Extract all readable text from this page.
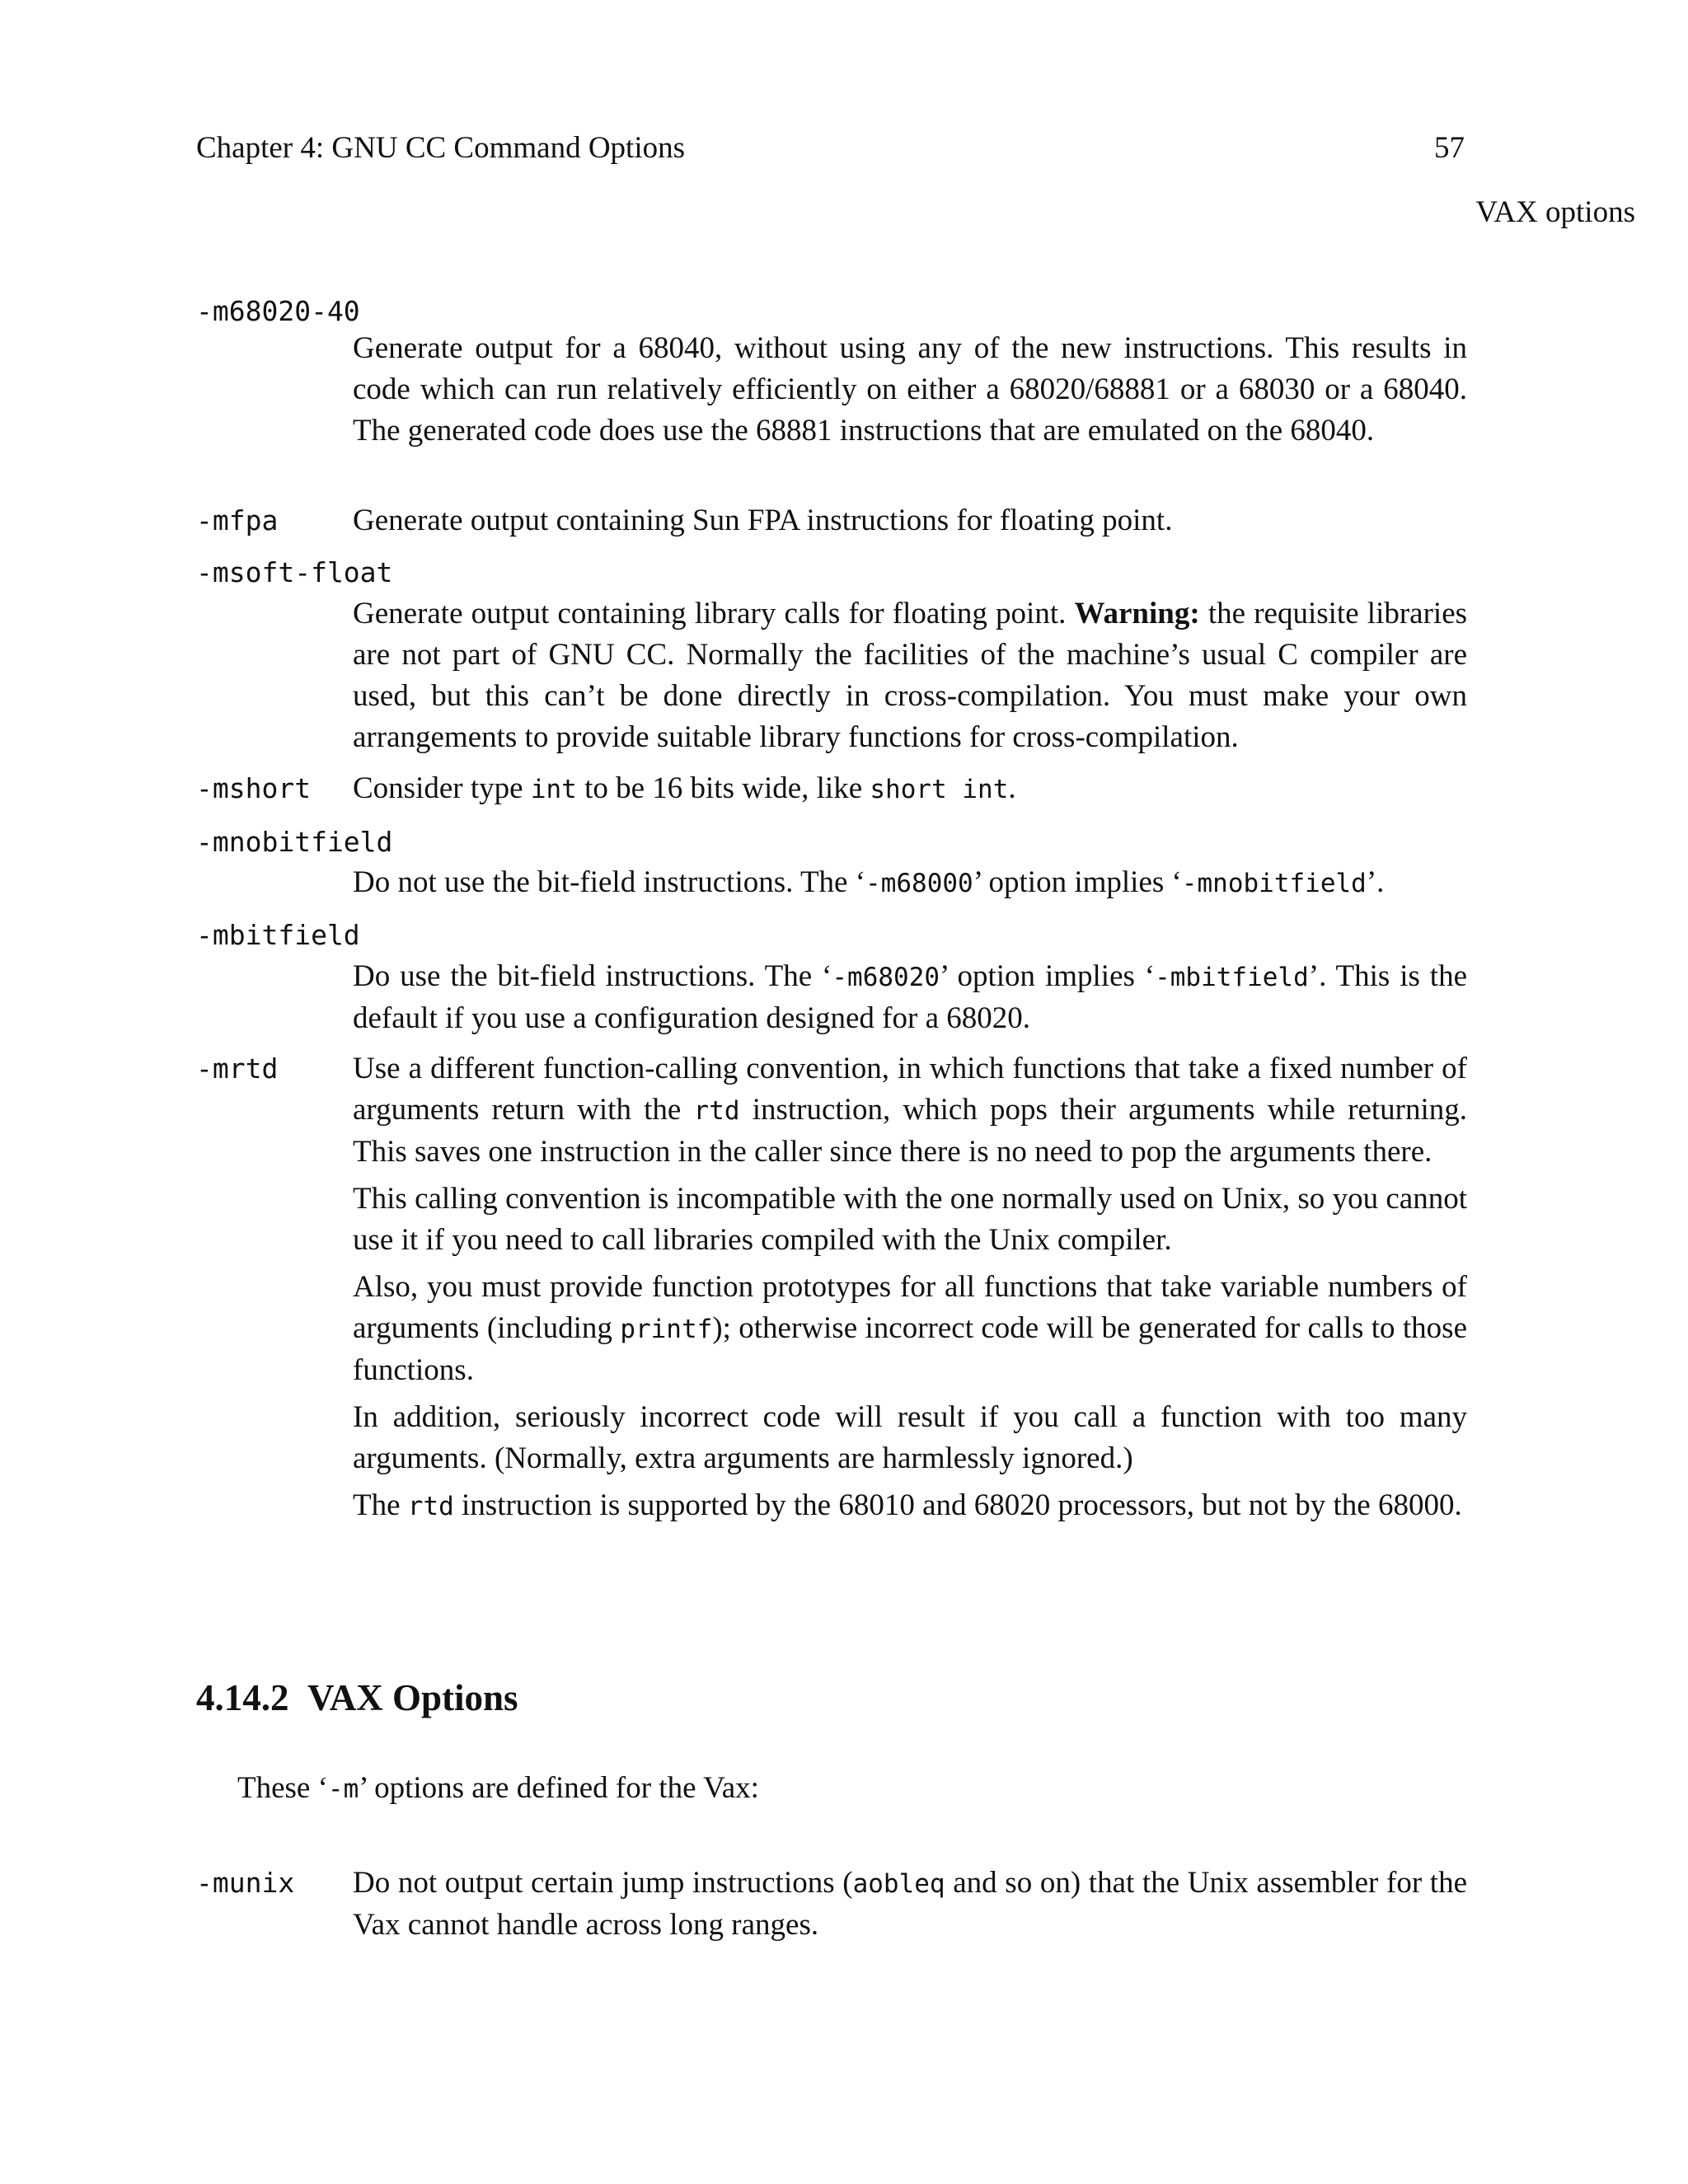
Chapter 4: GNU CC Command Options	57
VAX options
-m68020-40

Generate output for a 68040, without using any of the new instructions. This results in code which can run relatively efficiently on either a 68020/68881 or a 68030 or a 68040. The generated code does use the 68881 instructions that are emulated on the 68040.

-mfpa Generate output containing Sun FPA instructions for floating point.

-msoft-float

Generate output containing library calls for floating point. Warning: the requisite libraries are not part of GNU CC. Normally the facilities of the machine’s usual C compiler are used, but this can’t be done directly in cross-compilation. You must make your own arrangements to provide suitable library functions for cross-compilation.

-mshort Consider type int to be 16 bits wide, like short int.

-mnobitfield

Do not use the bit-field instructions. The ‘-m68000’ option implies ‘-mnobitfield’.

-mbitfield

Do use the bit-field instructions. The ‘-m68020’ option implies ‘-mbitfield’. This is the default if you use a configuration designed for a 68020.

-mrtd Use a different function-calling convention, in which functions that take a fixed number of arguments return with the rtd instruction, which pops their arguments while returning. This saves one instruction in the caller since there is no need to pop the arguments there.

This calling convention is incompatible with the one normally used on Unix, so you cannot use it if you need to call libraries compiled with the Unix compiler.

Also, you must provide function prototypes for all functions that take variable numbers of arguments (including printf); otherwise incorrect code will be generated for calls to those functions.

In addition, seriously incorrect code will result if you call a function with too many arguments. (Normally, extra arguments are harmlessly ignored.)

The rtd instruction is supported by the 68010 and 68020 processors, but not by the 68000.

4.14.2 VAX Options
These ‘-m’ options are defined for the Vax:
-munix Do not output certain jump instructions (aobleq and so on) that the Unix assembler for the Vax cannot handle across long ranges.
